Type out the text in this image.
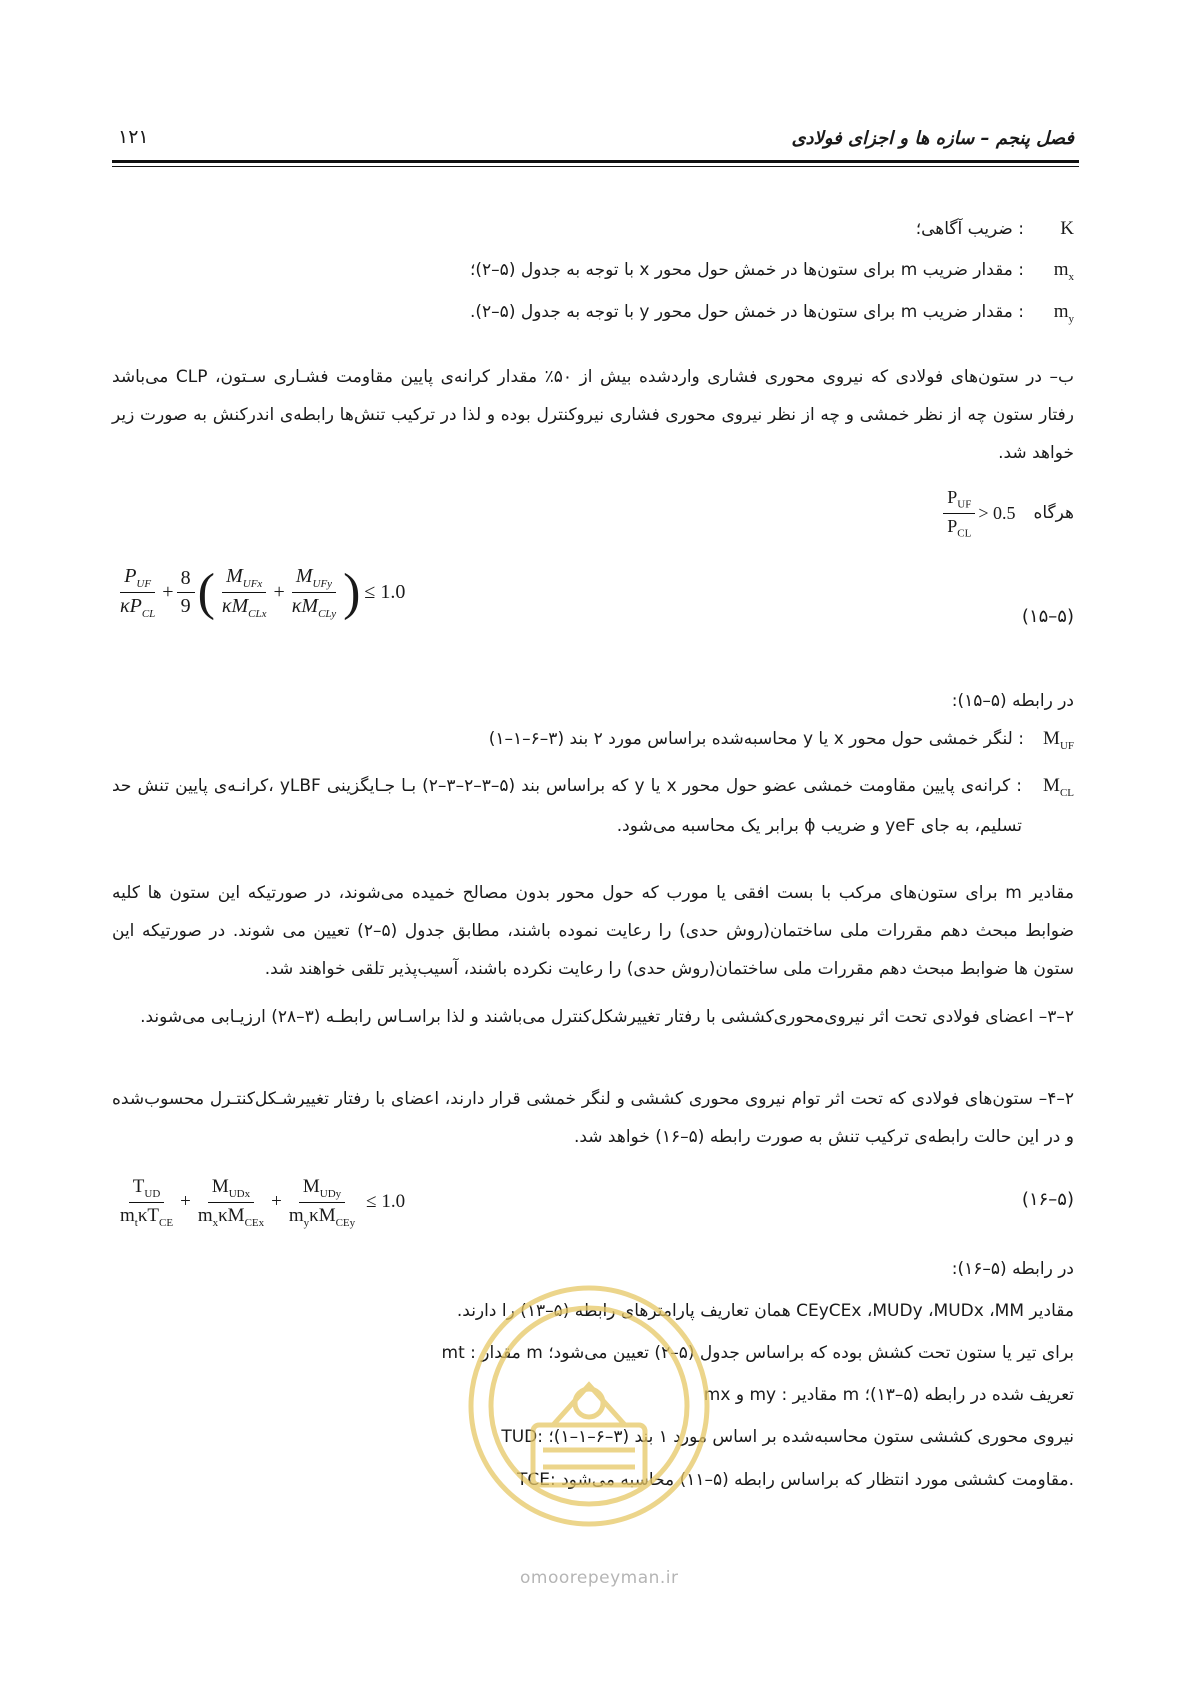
فصل پنجم – سازه ها و اجزای فولادی
۱۲۱
K
: ضریب آگاهی؛
$m_x$
: مقدار ضریب m برای ستون‌ها در خمش حول محور x با توجه به جدول (۵–۲)؛
$m_y$
: مقدار ضریب m برای ستون‌ها در خمش حول محور y با توجه به جدول (۵–۲).
ب– در ستون‌های فولادی که نیروی محوری فشاری واردشده بیش از ۵۰٪ مقدار کرانه‌ی پایین مقاومت فشـاری سـتون، P‏CL می‌باشد رفتار ستون چه از نظر خمشی و چه از نظر نیروی محوری فشاری نیروکنترل بوده و لذا در ترکیب تنش‌ها رابطه‌ی اندرکنش به صورت زیر خواهد شد.
هرگاه
$\frac{P_{UF}}{P_{CL}} > 0.5$
$\frac{P_{UF}}{\kappa P_{CL}} + \frac{8}{9}$ ( $\frac{M_{UFx}}{\kappa M_{CLx}} + \frac{M_{UFy}}{\kappa M_{CLy}}$ ) ≤ 1.0
(۵–۱۵)
در رابطه (۵–۱۵):
$M_{UF}$
: لنگر خمشی حول محور x یا y محاسبه‌شده براساس مورد ۲ بند (۳–۶–۱–۱)
$M_{CL}$
: کرانه‌ی پایین مقاومت خمشی عضو حول محور x یا y که براساس بند (۵–۳–۲–۳–۲) بـا جـایگزینی F‏yLB ،کرانـه‌ی پایین تنش حد تسلیم، به جای F‏ye و ضریب ϕ برابر یک محاسبه می‌شود.
مقادیر m برای ستون‌های مرکب با بست افقی یا مورب که حول محور بدون مصالح خمیده می‌شوند، در صورتیکه این ستون ها کلیه ضوابط مبحث دهم مقررات ملی ساختمان(روش حدی) را رعایت نموده باشند، مطابق جدول (۵–۲) تعیین می شوند. در صورتیکه این ستون ها ضوابط مبحث دهم مقررات ملی ساختمان(روش حدی) را رعایت نکرده باشند، آسیب‌پذیر تلقی خواهند شد.
۲–۳– اعضای فولادی تحت اثر نیروی‌محوری‌کششی با رفتار تغییرشکل‌کنترل می‌باشند و لذا براسـاس رابطـه (۳–۲۸) ارزیـابی می‌شوند.
۲–۴– ستون‌های فولادی که تحت اثر توام نیروی محوری کششی و لنگر خمشی قرار دارند، اعضای با رفتار تغییرشـکل‌کنتـرل محسوب‌شده و در این حالت رابطه‌ی ترکیب تنش به صورت رابطه (۵–۱۶) خواهد شد.
$\frac{T_{UD}}{m_t\kappa T_{CE}} + \frac{M_{UDx}}{m_x\kappa M_{CEx}} + \frac{M_{UDy}}{m_y\kappa M_{CEy}} \le 1.0$	(۵–۱۶)
در رابطه (۵–۱۶):
مقادیر M‏UDx ،M‏UDy ،M‏CEx ،M‏CEy همان تعاریف پارامترهای رابطه (۵–۱۳) را دارند.
m‏t : مقدار m برای تیر یا ستون تحت کشش بوده که براساس جدول (۵–۲) تعیین می‌شود؛
m‏x و m‏y : مقادیر m تعریف شده در رابطه (۵–۱۳)؛
T‏UD: نیروی محوری کششی ستون محاسبه‌شده بر اساس مورد ۱ بند (۳–۶–۱–۱)؛
T‏CE: مقاومت کششی مورد انتظار که براساس رابطه (۵–۱۱) محاسبه می‌شود.
omoorepeyman.ir
